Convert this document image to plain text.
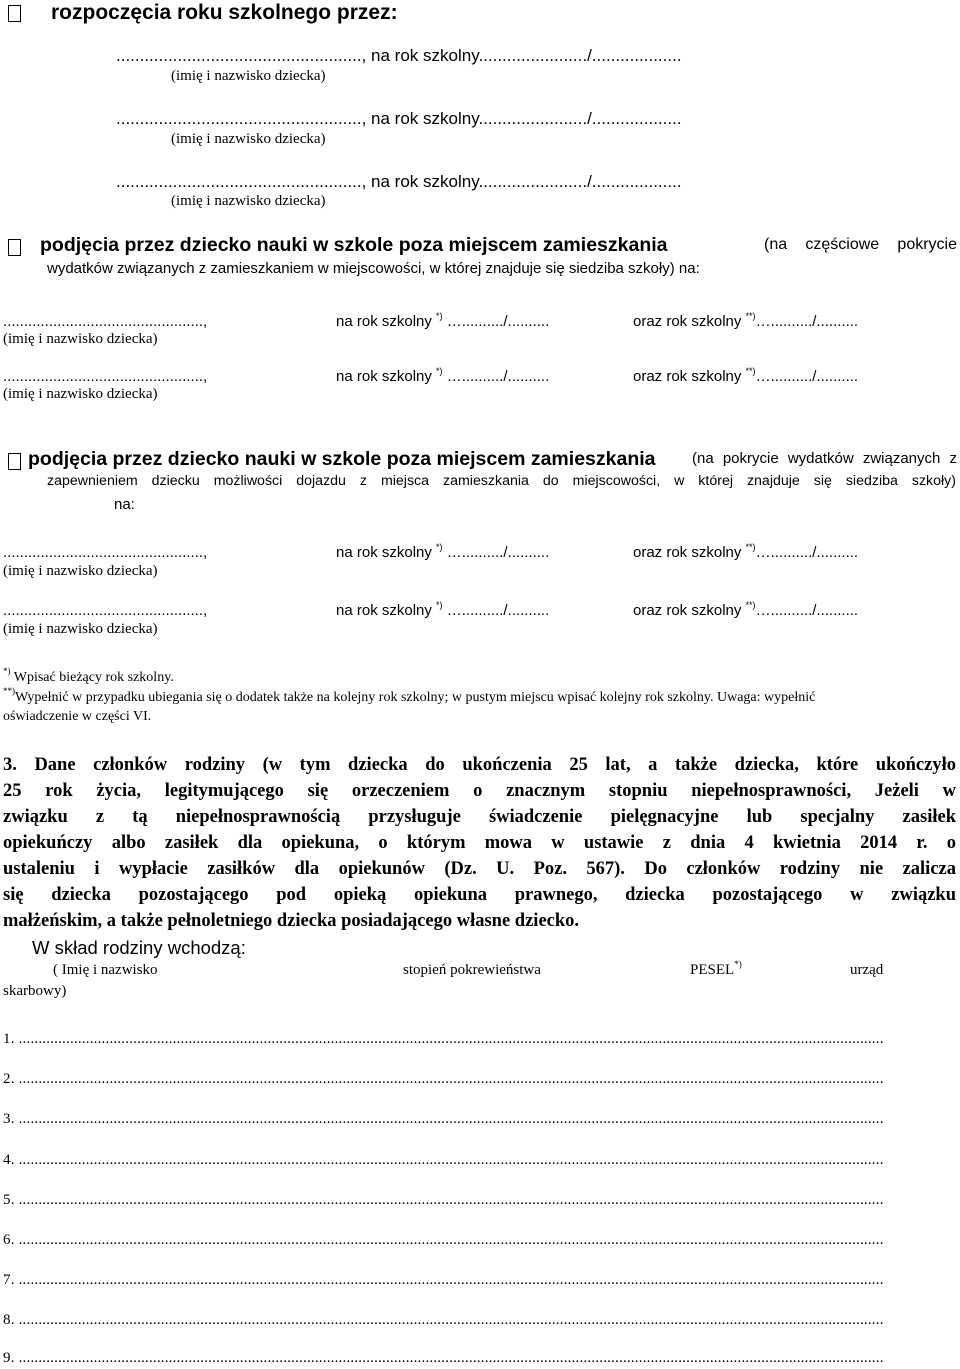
rozpoczęcia roku szkolnego przez:
...................................................., na rok szkolny......................./...................
(imię i nazwisko dziecka)
...................................................., na rok szkolny......................./...................
(imię i nazwisko dziecka)
...................................................., na rok szkolny......................./...................
(imię i nazwisko dziecka)
podjęcia przez dziecko nauki w szkole poza miejscem zamieszkania	(na częściowe pokrycie
wydatków związanych z zamieszkaniem w miejscowości, w której znajduje się siedziba szkoły) na:
................................................,	na rok szkolny *) …........../..........	oraz rok szkolny **)…........../..........
(imię i nazwisko dziecka)
................................................,	na rok szkolny *) …........../..........	oraz rok szkolny **)…........../..........
(imię i nazwisko dziecka)
podjęcia przez dziecko nauki w szkole poza miejscem zamieszkania (na pokrycie wydatków związanych z
zapewnieniem dziecku możliwości dojazdu z miejsca zamieszkania do miejscowości, w której znajduje się siedziba szkoły)
na:
................................................,	na rok szkolny *) …........../..........	oraz rok szkolny **)…........../..........
(imię i nazwisko dziecka)
................................................,	na rok szkolny *) …........../..........	oraz rok szkolny **)…........../..........
(imię i nazwisko dziecka)
*) Wpisać bieżący rok szkolny.
**)Wypełnić w przypadku ubiegania się o dodatek także na kolejny rok szkolny; w pustym miejscu wpisać kolejny rok szkolny. Uwaga: wypełnić
oświadczenie w części VI.
3. Dane członków rodziny (w tym dziecka do ukończenia 25 lat, a także dziecka, które ukończyło
25 rok życia, legitymującego się orzeczeniem o znacznym stopniu niepełnosprawności, Jeżeli w
związku z tą niepełnosprawnością przysługuje świadczenie pielęgnacyjne lub specjalny zasiłek
opiekuńczy albo zasiłek dla opiekuna, o którym mowa w ustawie z dnia 4 kwietnia 2014 r. o
ustaleniu i wypłacie zasiłków dla opiekunów (Dz. U. Poz. 567). Do członków rodziny nie zalicza
się dziecka pozostającego pod opieką opiekuna prawnego, dziecka pozostającego w związku
małżeńskim, a także pełnoletniego dziecka posiadającego własne dziecko.
W skład rodziny wchodzą:
( Imię i nazwisko	stopień pokrewieństwa	PESEL*)	urząd
skarbowy)
1. ...........................................................................................................................................................................................................................
2. ...........................................................................................................................................................................................................................
3. ...........................................................................................................................................................................................................................
4. ...........................................................................................................................................................................................................................
5. ...........................................................................................................................................................................................................................
6. ...........................................................................................................................................................................................................................
7. ...........................................................................................................................................................................................................................
8. ...........................................................................................................................................................................................................................
9. ...........................................................................................................................................................................................................................
